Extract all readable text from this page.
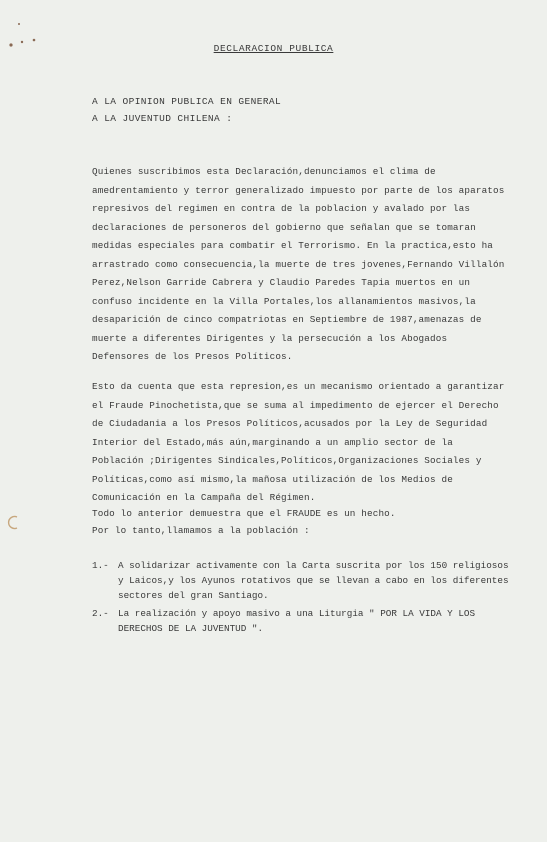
DECLARACION PUBLICA
A LA OPINION PUBLICA EN GENERAL
A LA JUVENTUD CHILENA :

Quienes suscribimos esta Declaración,denunciamos el clima de amedrentamiento y terror generalizado impuesto por parte de los aparatos represivos del regimen en contra de la poblacion y avalado por las declaraciones de personeros del gobierno que señalan que se tomaran medidas especiales para combatir el Terrorismo. En la practica,esto ha arrastrado como consecuencia,la muerte de tres jovenes,Fernando Villalón Perez,Nelson Garride Cabrera y Claudio Paredes Tapia muertos en un confuso incidente en la Villa Portales,los allanamientos masivos,la desaparición de cinco compatriotas en Septiembre de 1987,amenazas de muerte a diferentes Dirigentes y la persecución a los Abogados Defensores de los Presos Políticos.

Esto da cuenta que esta represion,es un mecanismo orientado a garantizar el Fraude Pinochetista,que se suma al impedimento de ejercer el Derecho de Ciudadania a los Presos Políticos,acusados por la Ley de Seguridad Interior del Estado,más aún,marginando a un amplio sector de la Población ;Dirigentes Sindicales,Políticos,Organizaciones Sociales y Políticas,como así mismo,la mañosa utilización de los Medios de Comunicación en la Campaña del Régimen.

Todo lo anterior demuestra que el FRAUDE es un hecho.

Por lo tanto,llamamos a la población :

1.- A solidarizar activamente con la Carta suscrita por los 150 religiosos y Laicos,y los Ayunos rotativos que se llevan a cabo en los diferentes sectores del gran Santiago.
2.- La realización y apoyo masivo a una Liturgia " POR LA VIDA Y LOS DERECHOS DE LA JUVENTUD ".
